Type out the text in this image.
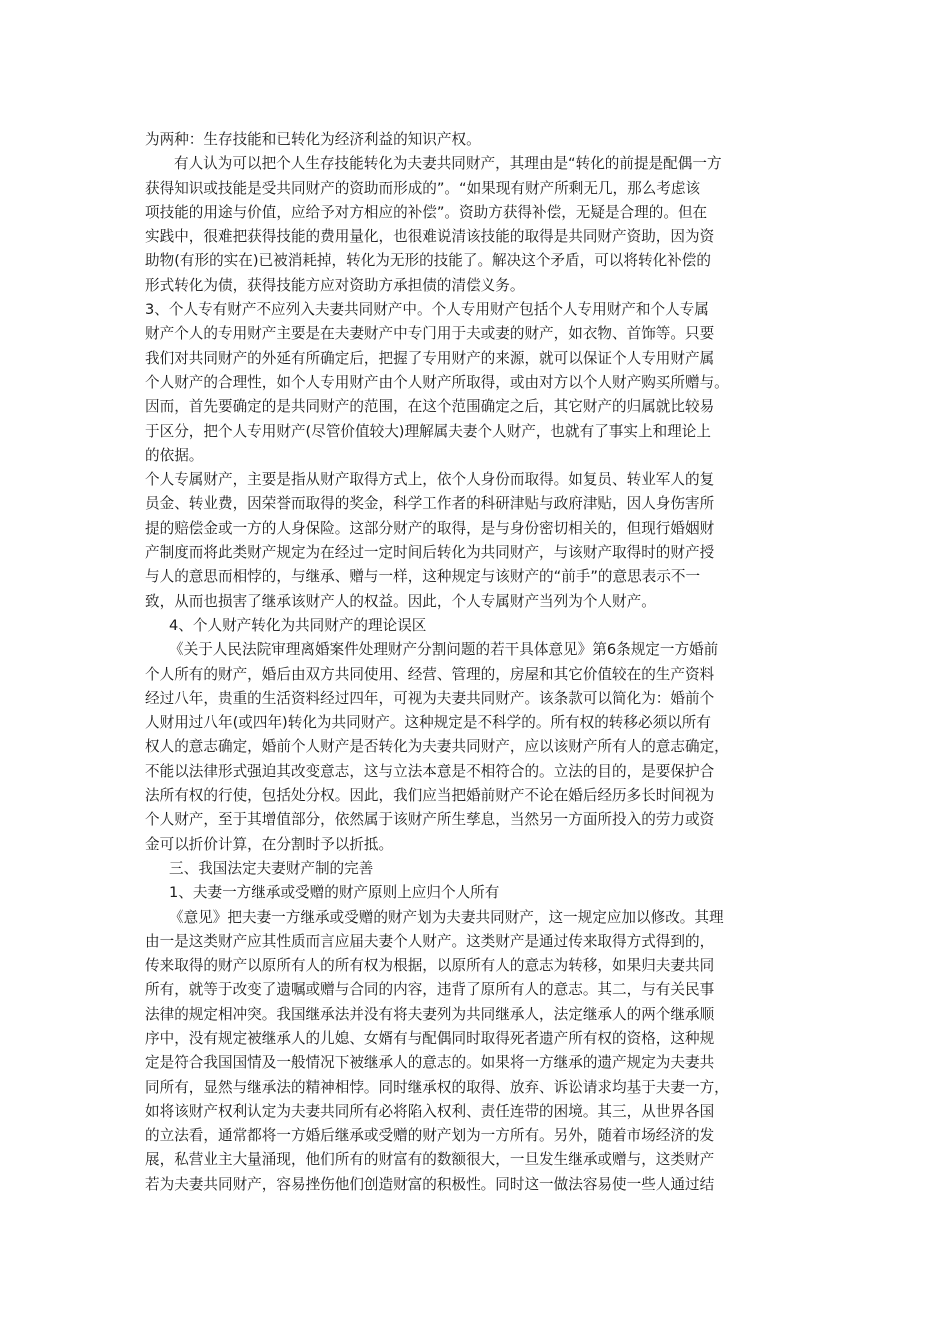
为两种：生存技能和已转化为经济利益的知识产权。

有人认为可以把个人生存技能转化为夫妻共同财产，其理由是“转化的前提是配偶一方
获得知识或技能是受共同财产的资助而形成的”。“如果现有财产所剩无几，那么考虑该
项技能的用途与价值，应给予对方相应的补偿”。资助方获得补偿，无疑是合理的。但在
实践中，很难把获得技能的费用量化，也很难说清该技能的取得是共同财产资助，因为资
助物(有形的实在)已被消耗掉，转化为无形的技能了。解决这个矛盾，可以将转化补偿的
形式转化为债，获得技能方应对资助方承担债的清偿义务。

3、个人专有财产不应列入夫妻共同财产中。个人专用财产包括个人专用财产和个人专属
财产个人的专用财产主要是在夫妻财产中专门用于夫或妻的财产，如衣物、首饰等。只要
我们对共同财产的外延有所确定后，把握了专用财产的来源，就可以保证个人专用财产属
个人财产的合理性，如个人专用财产由个人财产所取得，或由对方以个人财产购买所赠与。
因而，首先要确定的是共同财产的范围，在这个范围确定之后，其它财产的归属就比较易
于区分，把个人专用财产(尽管价值较大)理解属夫妻个人财产，也就有了事实上和理论上
的依据。

个人专属财产，主要是指从财产取得方式上，依个人身份而取得。如复员、转业军人的复
员金、转业费，因荣誉而取得的奖金，科学工作者的科研津贴与政府津贴，因人身伤害所
提的赔偿金或一方的人身保险。这部分财产的取得，是与身份密切相关的，但现行婚姻财
产制度而将此类财产规定为在经过一定时间后转化为共同财产，与该财产取得时的财产授
与人的意思而相悖的，与继承、赠与一样，这种规定与该财产的“前手”的意思表示不一
致，从而也损害了继承该财产人的权益。因此，个人专属财产当列为个人财产。

4、个人财产转化为共同财产的理论误区

《关于人民法院审理离婚案件处理财产分割问题的若干具体意见》第6条规定一方婚前
个人所有的财产，婚后由双方共同使用、经营、管理的，房屋和其它价值较在的生产资料
经过八年，贵重的生活资料经过四年，可视为夫妻共同财产。该条款可以简化为：婚前个
人财用过八年(或四年)转化为共同财产。这种规定是不科学的。所有权的转移必须以所有
权人的意志确定，婚前个人财产是否转化为夫妻共同财产，应以该财产所有人的意志确定，
不能以法律形式强迫其改变意志，这与立法本意是不相符合的。立法的目的，是要保护合
法所有权的行使，包括处分权。因此，我们应当把婚前财产不论在婚后经历多长时间视为
个人财产，至于其增值部分，依然属于该财产所生孳息，当然另一方面所投入的劳力或资
金可以折价计算，在分割时予以折抵。

三、我国法定夫妻财产制的完善

1、夫妻一方继承或受赠的财产原则上应归个人所有

《意见》把夫妻一方继承或受赠的财产划为夫妻共同财产，这一规定应加以修改。其理
由一是这类财产应其性质而言应届夫妻个人财产。这类财产是通过传来取得方式得到的，
传来取得的财产以原所有人的所有权为根据，以原所有人的意志为转移，如果归夫妻共同
所有，就等于改变了遗嘱或赠与合同的内容，违背了原所有人的意志。其二，与有关民事
法律的规定相冲突。我国继承法并没有将夫妻列为共同继承人，法定继承人的两个继承顺
序中，没有规定被继承人的儿媳、女婿有与配偶同时取得死者遗产所有权的资格，这种规
定是符合我国国情及一般情况下被继承人的意志的。如果将一方继承的遗产规定为夫妻共
同所有，显然与继承法的精神相悖。同时继承权的取得、放弃、诉讼请求均基于夫妻一方，
如将该财产权利认定为夫妻共同所有必将陷入权利、责任连带的困境。其三，从世界各国
的立法看，通常都将一方婚后继承或受赠的财产划为一方所有。另外，随着市场经济的发
展，私营业主大量涌现，他们所有的财富有的数额很大，一旦发生继承或赠与，这类财产
若为夫妻共同财产，容易挫伤他们创造财富的积极性。同时这一做法容易使一些人通过结
